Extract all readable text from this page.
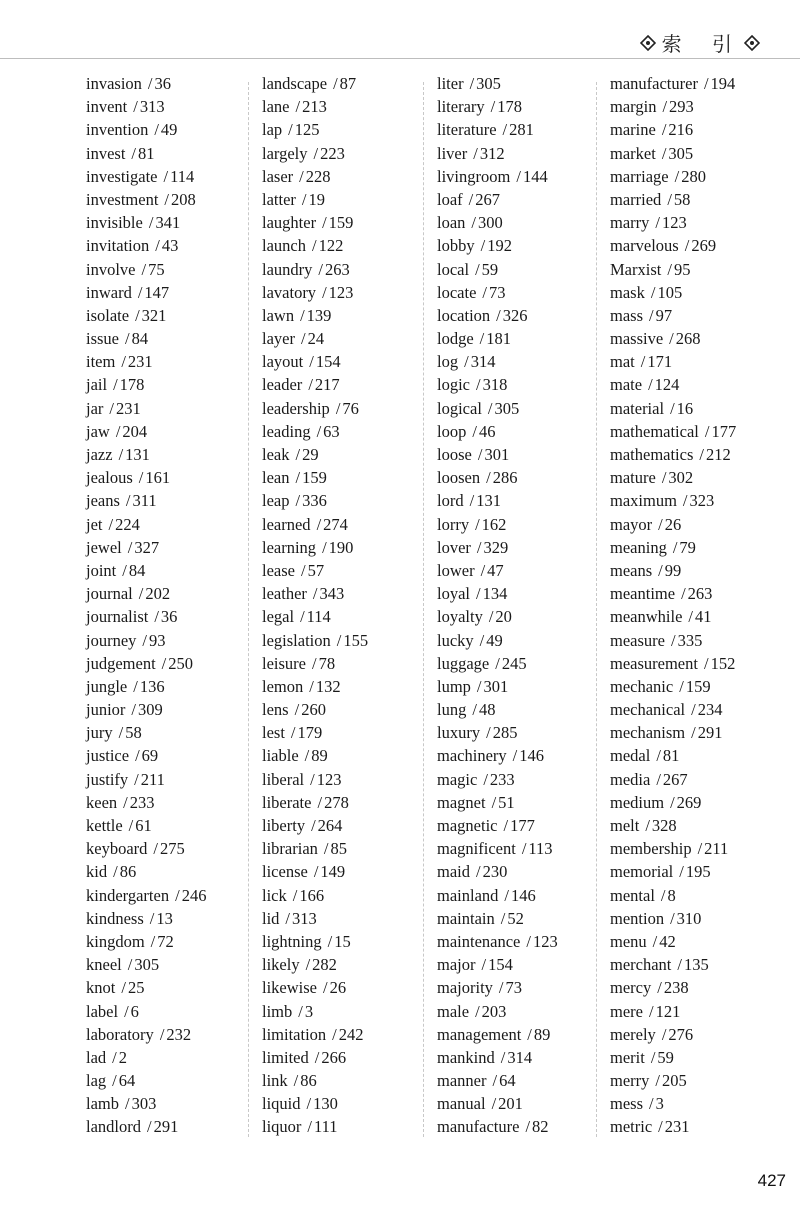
索 引
invasion / 36
invent / 313
invention / 49
invest / 81
investigate / 114
investment / 208
invisible / 341
invitation / 43
involve / 75
inward / 147
isolate / 321
issue / 84
item / 231
jail / 178
jar / 231
jaw / 204
jazz / 131
jealous / 161
jeans / 311
jet / 224
jewel / 327
joint / 84
journal / 202
journalist / 36
journey / 93
judgement / 250
jungle / 136
junior / 309
jury / 58
justice / 69
justify / 211
keen / 233
kettle / 61
keyboard / 275
kid / 86
kindergarten / 246
kindness / 13
kingdom / 72
kneel / 305
knot / 25
label / 6
laboratory / 232
lad / 2
lag / 64
lamb / 303
landlord / 291
landscape / 87
lane / 213
lap / 125
largely / 223
laser / 228
latter / 19
laughter / 159
launch / 122
laundry / 263
lavatory / 123
lawn / 139
layer / 24
layout / 154
leader / 217
leadership / 76
leading / 63
leak / 29
lean / 159
leap / 336
learned / 274
learning / 190
lease / 57
leather / 343
legal / 114
legislation / 155
leisure / 78
lemon / 132
lens / 260
lest / 179
liable / 89
liberal / 123
liberate / 278
liberty / 264
librarian / 85
license / 149
lick / 166
lid / 313
lightning / 15
likely / 282
likewise / 26
limb / 3
limitation / 242
limited / 266
link / 86
liquid / 130
liquor / 111
liter / 305
literary / 178
literature / 281
liver / 312
livingroom / 144
loaf / 267
loan / 300
lobby / 192
local / 59
locate / 73
location / 326
lodge / 181
log / 314
logic / 318
logical / 305
loop / 46
loose / 301
loosen / 286
lord / 131
lorry / 162
lover / 329
lower / 47
loyal / 134
loyalty / 20
lucky / 49
luggage / 245
lump / 301
lung / 48
luxury / 285
machinery / 146
magic / 233
magnet / 51
magnetic / 177
magnificent / 113
maid / 230
mainland / 146
maintain / 52
maintenance / 123
major / 154
majority / 73
male / 203
management / 89
mankind / 314
manner / 64
manual / 201
manufacture / 82
manufacturer / 194
margin / 293
marine / 216
market / 305
marriage / 280
married / 58
marry / 123
marvelous / 269
Marxist / 95
mask / 105
mass / 97
massive / 268
mat / 171
mate / 124
material / 16
mathematical / 177
mathematics / 212
mature / 302
maximum / 323
mayor / 26
meaning / 79
means / 99
meantime / 263
meanwhile / 41
measure / 335
measurement / 152
mechanic / 159
mechanical / 234
mechanism / 291
medal / 81
media / 267
medium / 269
melt / 328
membership / 211
memorial / 195
mental / 8
mention / 310
menu / 42
merchant / 135
mercy / 238
mere / 121
merely / 276
merit / 59
merry / 205
mess / 3
metric / 231
427
